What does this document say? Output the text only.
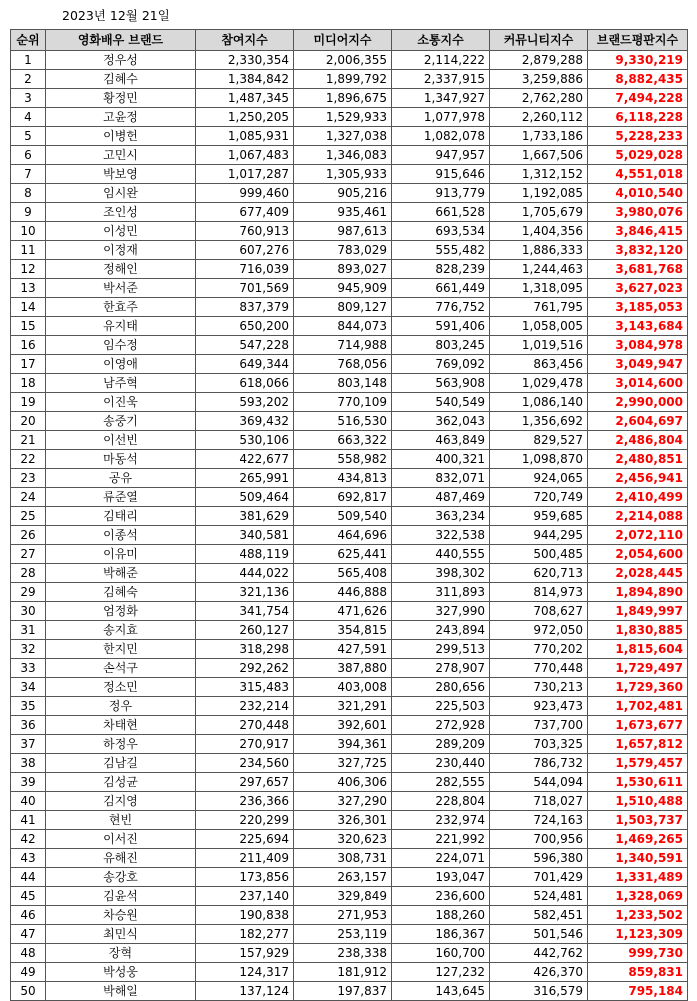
2023년 12월 21일
순위	영화배우 브랜드	참여지수	미디어지수	소통지수	커뮤니티지수	브랜드평판지수
1	정우성	2,330,354	2,006,355	2,114,222	2,879,288	9,330,219
2	김혜수	1,384,842	1,899,792	2,337,915	3,259,886	8,882,435
3	황정민	1,487,345	1,896,675	1,347,927	2,762,280	7,494,228
4	고윤정	1,250,205	1,529,933	1,077,978	2,260,112	6,118,228
5	이병헌	1,085,931	1,327,038	1,082,078	1,733,186	5,228,233
6	고민시	1,067,483	1,346,083	947,957	1,667,506	5,029,028
7	박보영	1,017,287	1,305,933	915,646	1,312,152	4,551,018
8	임시완	999,460	905,216	913,779	1,192,085	4,010,540
9	조인성	677,409	935,461	661,528	1,705,679	3,980,076
10	이성민	760,913	987,613	693,534	1,404,356	3,846,415
11	이정재	607,276	783,029	555,482	1,886,333	3,832,120
12	정해인	716,039	893,027	828,239	1,244,463	3,681,768
13	박서준	701,569	945,909	661,449	1,318,095	3,627,023
14	한효주	837,379	809,127	776,752	761,795	3,185,053
15	유지태	650,200	844,073	591,406	1,058,005	3,143,684
16	임수정	547,228	714,988	803,245	1,019,516	3,084,978
17	이영애	649,344	768,056	769,092	863,456	3,049,947
18	남주혁	618,066	803,148	563,908	1,029,478	3,014,600
19	이진욱	593,202	770,109	540,549	1,086,140	2,990,000
20	송중기	369,432	516,530	362,043	1,356,692	2,604,697
21	이선빈	530,106	663,322	463,849	829,527	2,486,804
22	마동석	422,677	558,982	400,321	1,098,870	2,480,851
23	공유	265,991	434,813	832,071	924,065	2,456,941
24	류준열	509,464	692,817	487,469	720,749	2,410,499
25	김태리	381,629	509,540	363,234	959,685	2,214,088
26	이종석	340,581	464,696	322,538	944,295	2,072,110
27	이유미	488,119	625,441	440,555	500,485	2,054,600
28	박해준	444,022	565,408	398,302	620,713	2,028,445
29	김혜숙	321,136	446,888	311,893	814,973	1,894,890
30	엄정화	341,754	471,626	327,990	708,627	1,849,997
31	송지효	260,127	354,815	243,894	972,050	1,830,885
32	한지민	318,298	427,591	299,513	770,202	1,815,604
33	손석구	292,262	387,880	278,907	770,448	1,729,497
34	정소민	315,483	403,008	280,656	730,213	1,729,360
35	정우	232,214	321,291	225,503	923,473	1,702,481
36	차태현	270,448	392,601	272,928	737,700	1,673,677
37	하정우	270,917	394,361	289,209	703,325	1,657,812
38	김남길	234,560	327,725	230,440	786,732	1,579,457
39	김성균	297,657	406,306	282,555	544,094	1,530,611
40	김지영	236,366	327,290	228,804	718,027	1,510,488
41	현빈	220,299	326,301	232,974	724,163	1,503,737
42	이서진	225,694	320,623	221,992	700,956	1,469,265
43	유해진	211,409	308,731	224,071	596,380	1,340,591
44	송강호	173,856	263,157	193,047	701,429	1,331,489
45	김윤석	237,140	329,849	236,600	524,481	1,328,069
46	차승원	190,838	271,953	188,260	582,451	1,233,502
47	최민식	182,277	253,119	186,367	501,546	1,123,309
48	장혁	157,929	238,338	160,700	442,762	999,730
49	박성웅	124,317	181,912	127,232	426,370	859,831
50	박해일	137,124	197,837	143,645	316,579	795,184
